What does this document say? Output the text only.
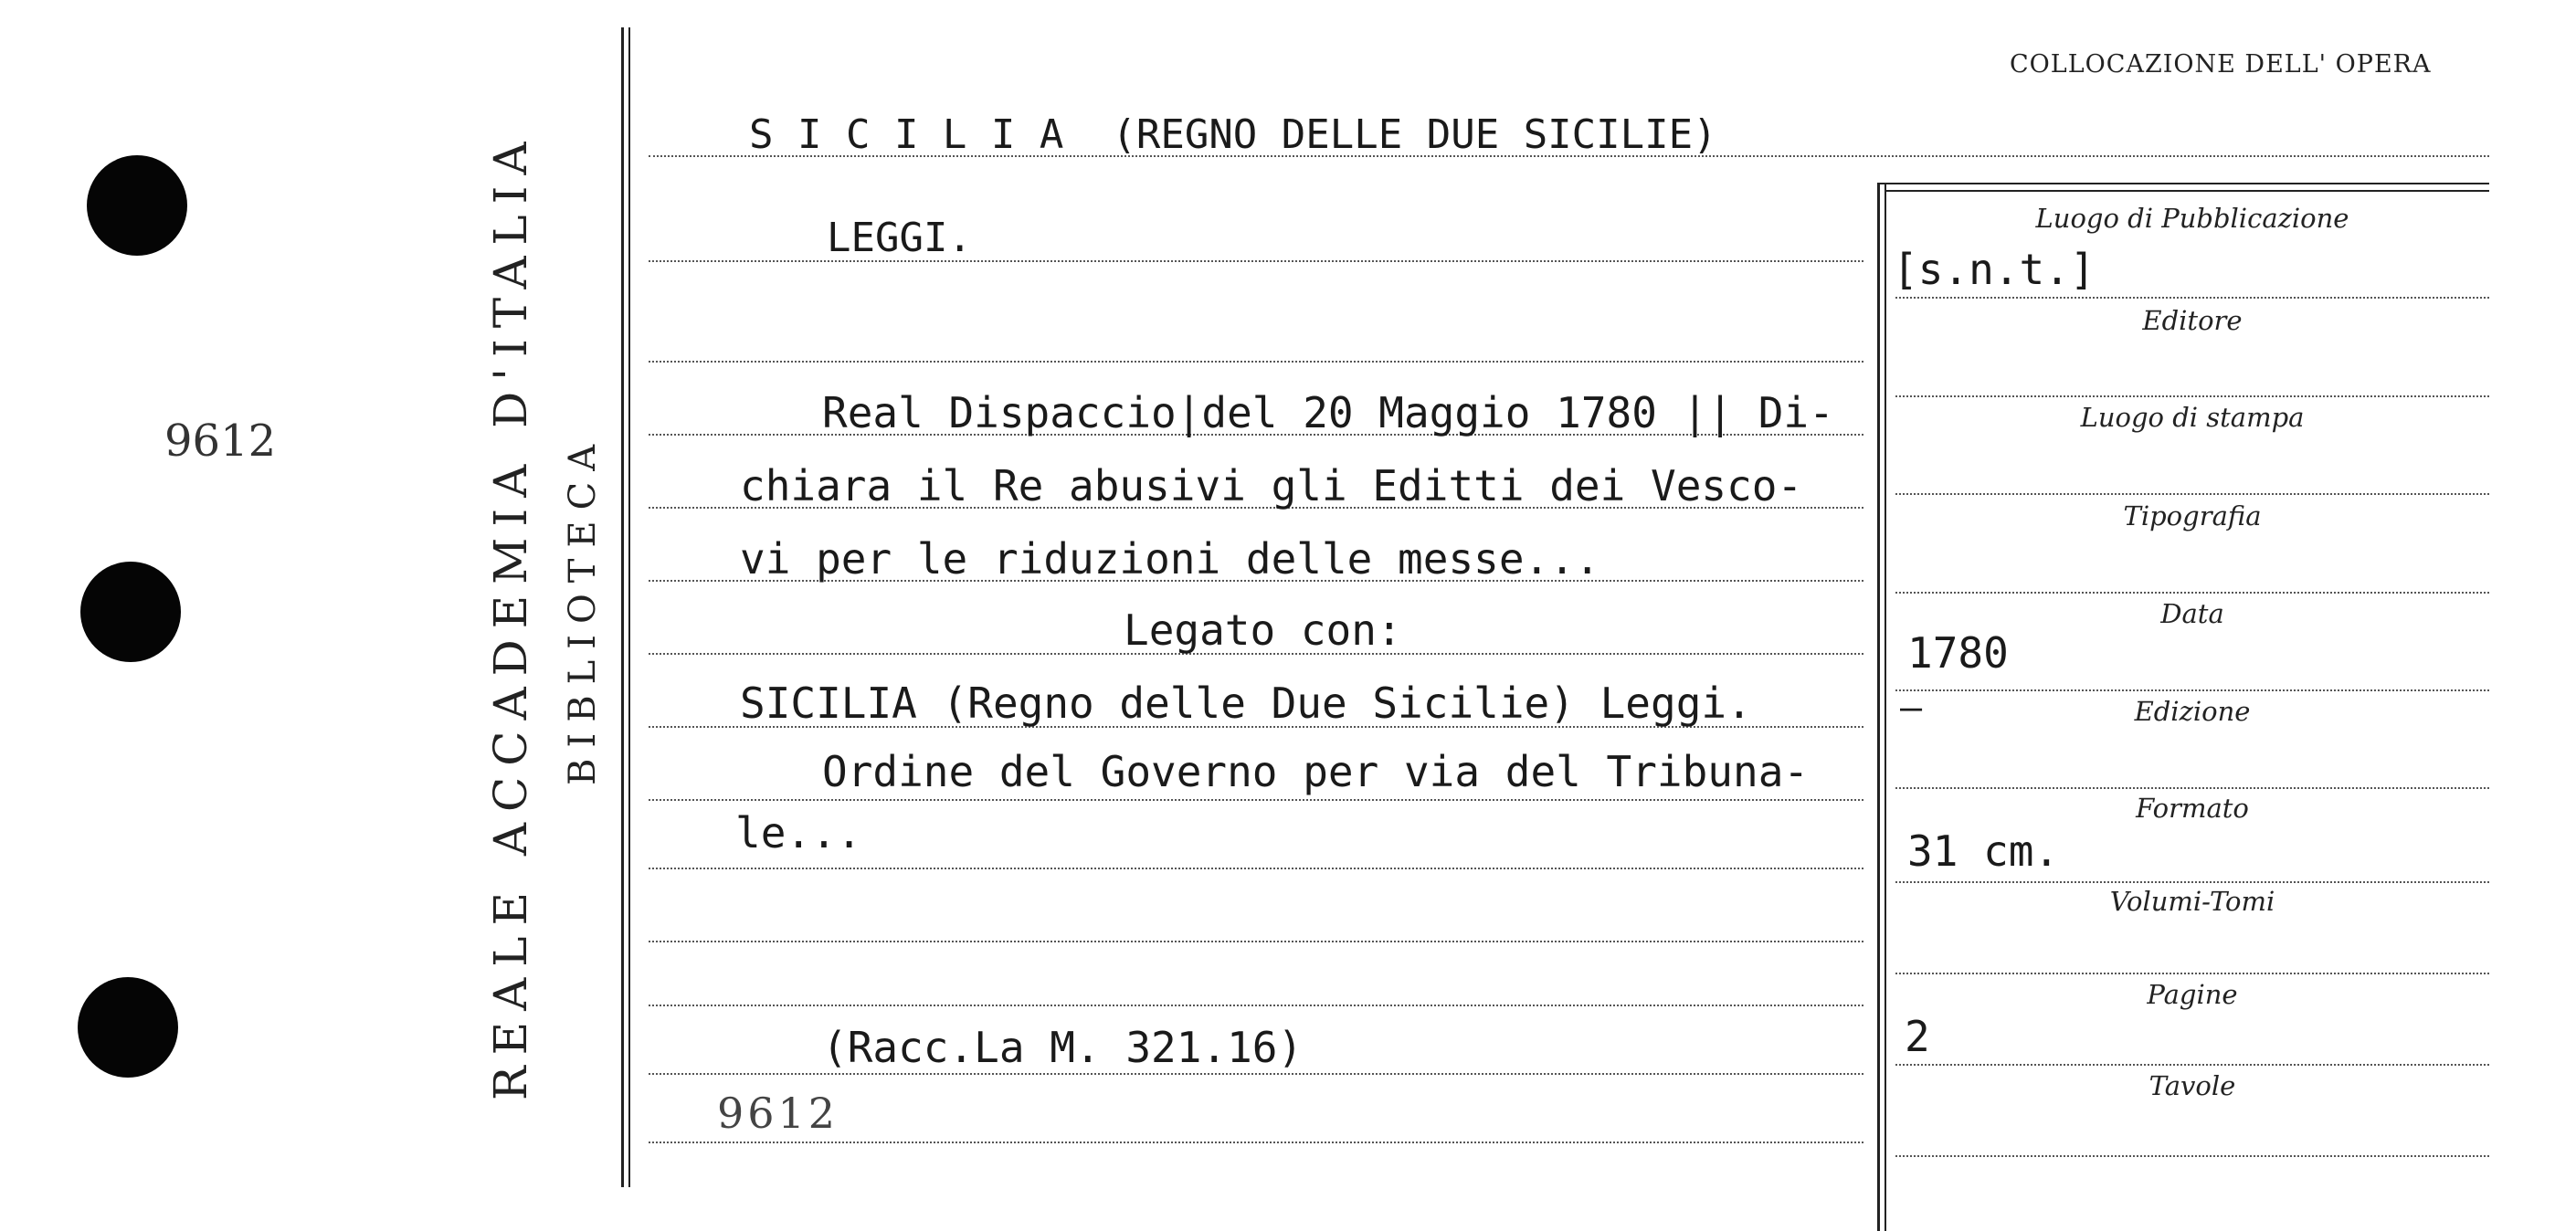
9612	REALE ACCADEMIA D'ITALIA BIBLIOTECA
COLLOCAZIONE DELL' OPERA
S I C I L I A  (REGNO DELLE DUE SICILIE)
LEGGI.
Real Dispaccio|del 20 Maggio 1780 || Di-
chiara il Re abusivi gli Editti dei Vesco-
vi per le riduzioni delle messe...
Legato con:
SICILIA (Regno delle Due Sicilie) Leggi.
Ordine del Governo per via del Tribuna-
le...
(Racc.La M. 321.16)
9612
Luogo di Pubblicazione
Editore
Luogo di stampa
Tipografia
Data
Edizione
Formato
Volumi-Tomi
Pagine
Tavole
[s.n.t.]
1780
—
31 cm.
2
